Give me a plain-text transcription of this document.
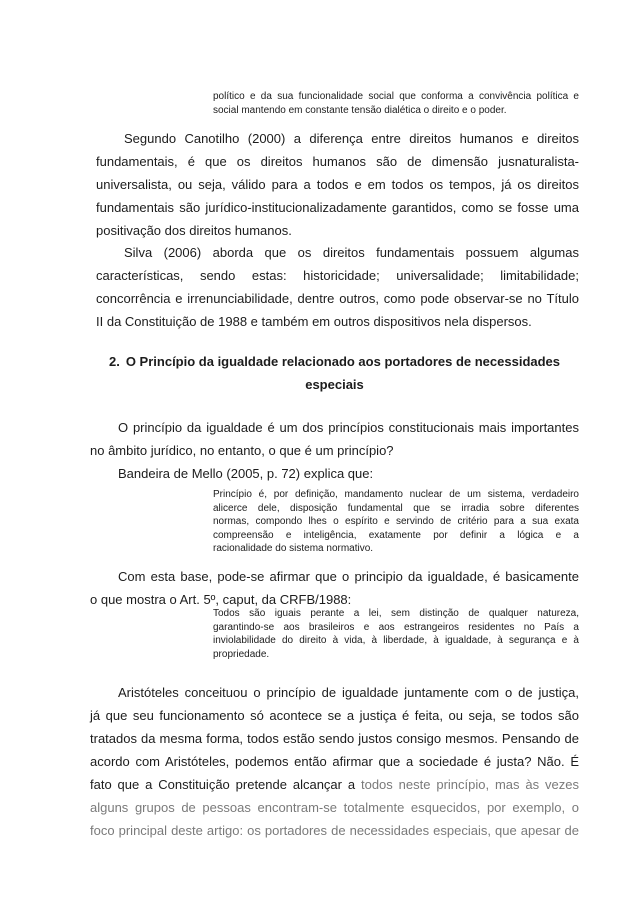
político e da sua funcionalidade social que conforma a convivência política e
social mantendo em constante tensão dialética o direito e o poder.
Segundo Canotilho (2000) a diferença entre direitos humanos e direitos
fundamentais, é que os direitos humanos são de dimensão jusnaturalista-
universalista, ou seja, válido para a todos e em todos os tempos, já os direitos
fundamentais são jurídico-institucionalizadamente garantidos, como se fosse uma
positivação dos direitos humanos.
Silva (2006) aborda que os direitos fundamentais possuem algumas
características, sendo estas: historicidade; universalidade; limitabilidade;
concorrência e irrenunciabilidade, dentre outros, como pode observar-se no Título
II da Constituição de 1988 e também em outros dispositivos nela dispersos.
2. O Princípio da igualdade relacionado aos portadores de necessidades
especiais
O princípio da igualdade é um dos princípios constitucionais mais importantes
no âmbito jurídico, no entanto, o que é um princípio?
Bandeira de Mello (2005, p. 72) explica que:
Princípio é, por definição, mandamento nuclear de um sistema, verdadeiro
alicerce dele, disposição fundamental que se irradia sobre diferentes
normas, compondo lhes o espírito e servindo de critério para a sua exata
compreensão e inteligência, exatamente por definir a lógica e a
racionalidade do sistema normativo.
Com esta base, pode-se afirmar que o principio da igualdade, é basicamente
o que mostra o Art. 5º, caput, da CRFB/1988:
Todos são iguais perante a lei, sem distinção de qualquer natureza,
garantindo-se aos brasileiros e aos estrangeiros residentes no País a
inviolabilidade do direito à vida, à liberdade, à igualdade, à segurança e à
propriedade.
Aristóteles conceituou o princípio de igualdade juntamente com o de justiça,
já que seu funcionamento só acontece se a justiça é feita, ou seja, se todos são
tratados da mesma forma, todos estão sendo justos consigo mesmos. Pensando de
acordo com Aristóteles, podemos então afirmar que a sociedade é justa? Não. É
fato que a Constituição pretende alcançar a todos neste princípio, mas às vezes
alguns grupos de pessoas encontram-se totalmente esquecidos, por exemplo, o
foco principal deste artigo: os portadores de necessidades especiais, que apesar de
